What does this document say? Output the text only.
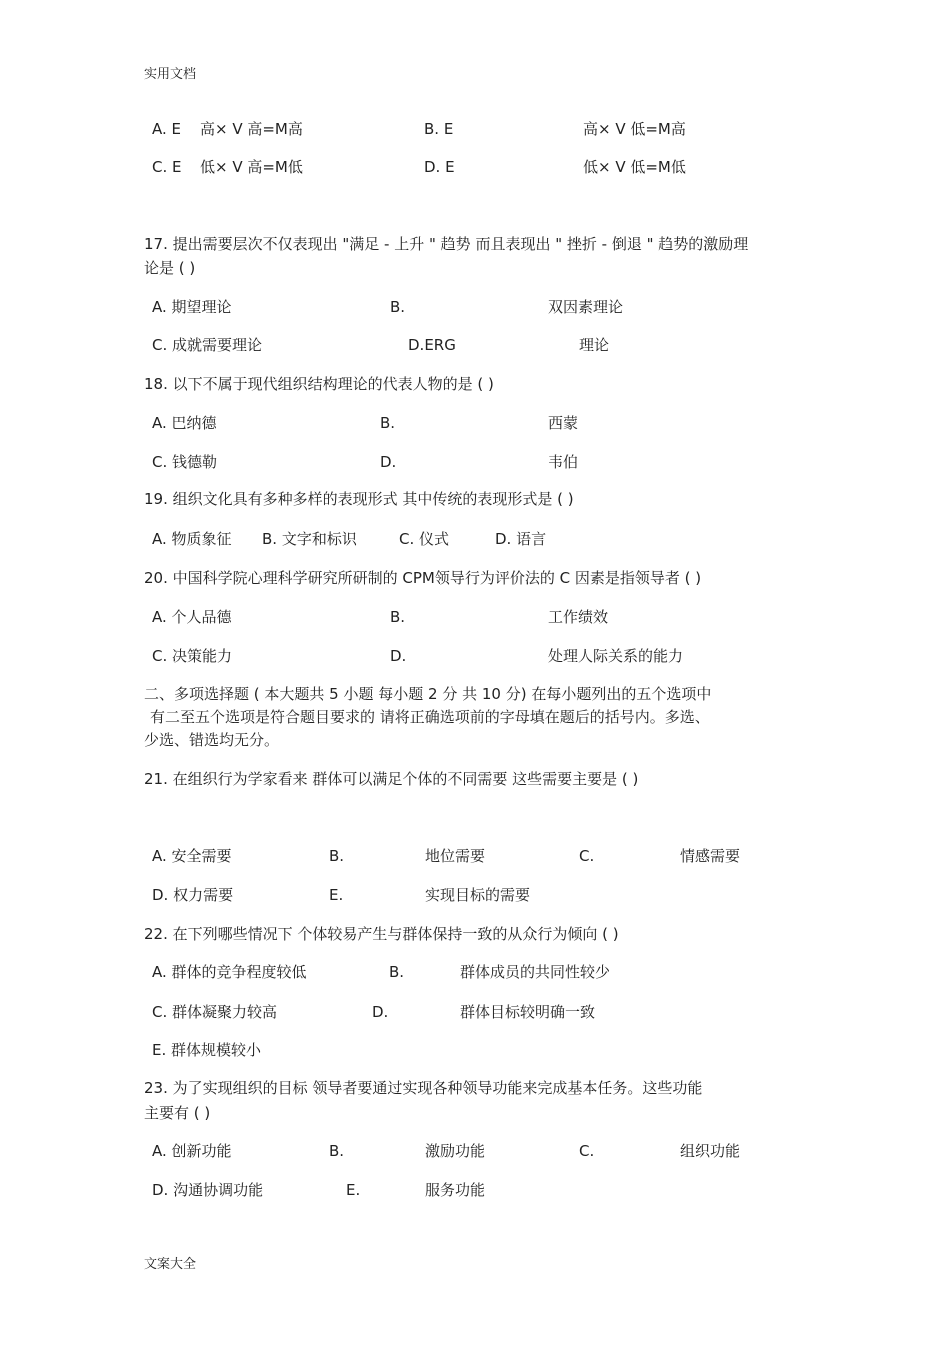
实用文档
A. E 高× V 高=M高	B. E	高× V 低=M高
C. E 低× V 高=M低	D. E	低× V 低=M低
17. 提出需要层次不仅表现出 "满足 - 上升 " 趋势 而且表现出 " 挫折 - 倒退 " 趋势的激励理
论是 ( )
A. 期望理论	B.	双因素理论
C. 成就需要理论	D.ERG	理论
18. 以下不属于现代组织结构理论的代表人物的是 ( )
A. 巴纳德	B.	西蒙
C. 钱德勒	D.	韦伯
19. 组织文化具有多种多样的表现形式 其中传统的表现形式是 ( )
A. 物质象征 B. 文字和标识	C. 仪式	D. 语言
20. 中国科学院心理科学研究所研制的 CPM领导行为评价法的 C 因素是指领导者 ( )
A. 个人品德	B.	工作绩效
C. 决策能力	D.	处理人际关系的能力
二、多项选择题 ( 本大题共 5 小题 每小题 2 分 共 10 分) 在每小题列出的五个选项中
有二至五个选项是符合题目要求的 请将正确选项前的字母填在题后的括号内。多选、
少选、错选均无分。
21. 在组织行为学家看来 群体可以满足个体的不同需要 这些需要主要是 ( )
A. 安全需要	B.	地位需要	C.	情感需要
D. 权力需要	E.	实现目标的需要
22. 在下列哪些情况下 个体较易产生与群体保持一致的从众行为倾向 ( )
A. 群体的竞争程度较低	B.	群体成员的共同性较少
C. 群体凝聚力较高	D.	群体目标较明确一致
E. 群体规模较小
23. 为了实现组织的目标 领导者要通过实现各种领导功能来完成基本任务。这些功能
主要有 ( )
A. 创新功能	B.	激励功能	C.	组织功能
D. 沟通协调功能	E.	服务功能
文案大全
